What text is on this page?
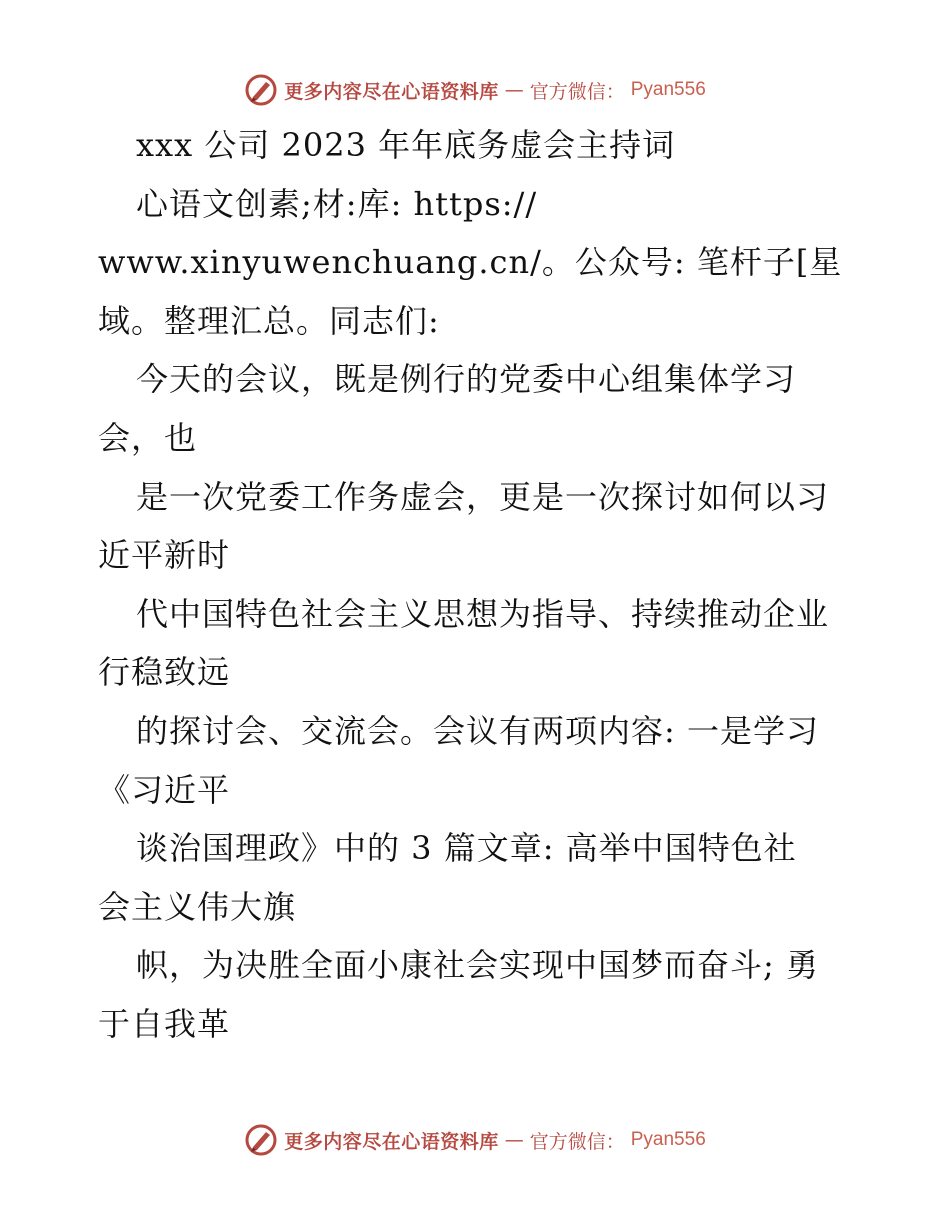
更多内容尽在心语资料库 — 官方微信： Pyan556
xxx 公司 2023 年年底务虚会主持词
心语文创素;材:库: https://
www.xinyuwenchuang.cn/。公众号: 笔杆子[星
域。整理汇总。同志们:
今天的会议，既是例行的党委中心组集体学习
会，也
是一次党委工作务虚会，更是一次探讨如何以习
近平新时
代中国特色社会主义思想为指导、持续推动企业
行稳致远
的探讨会、交流会。会议有两项内容: 一是学习
《习近平
谈治国理政》中的 3 篇文章: 高举中国特色社
会主义伟大旗
帜，为决胜全面小康社会实现中国梦而奋斗; 勇
于自我革
更多内容尽在心语资料库 — 官方微信： Pyan556
